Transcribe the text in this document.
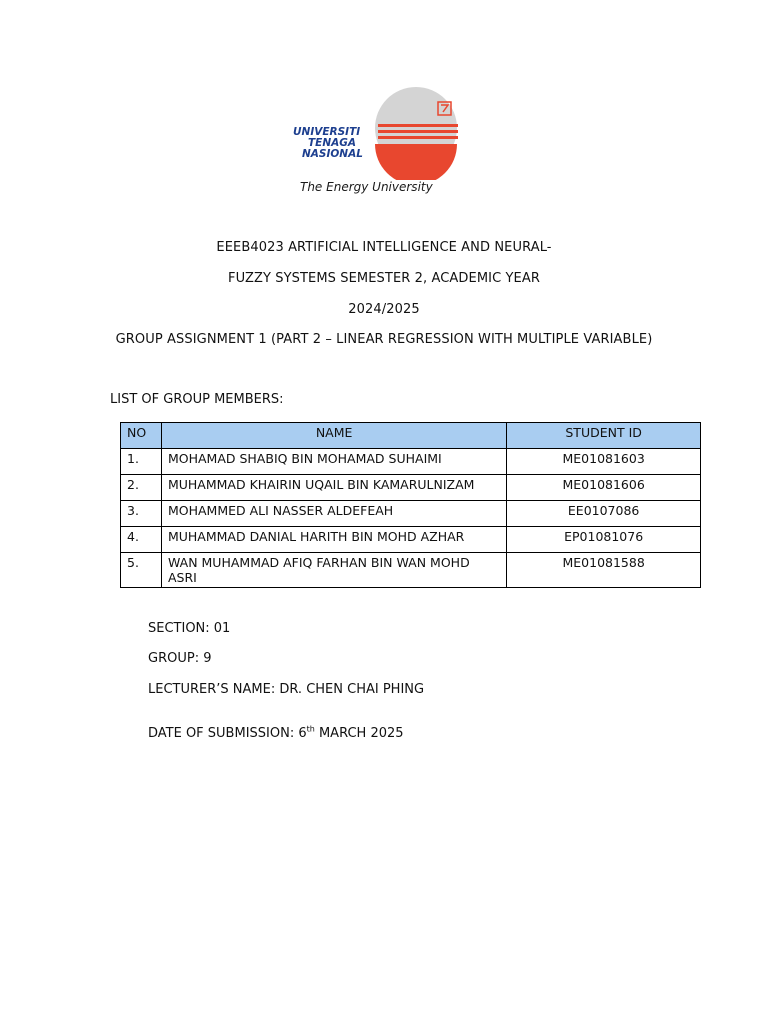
UNIVERSITI
TENAGA
NASIONAL
The Energy University
EEEB4023 ARTIFICIAL INTELLIGENCE AND NEURAL-
FUZZY SYSTEMS SEMESTER 2, ACADEMIC YEAR
2024/2025
GROUP ASSIGNMENT 1 (PART 2 – LINEAR REGRESSION WITH MULTIPLE VARIABLE)
LIST OF GROUP MEMBERS:
NO	NAME	STUDENT ID
1.	MOHAMAD SHABIQ BIN MOHAMAD SUHAIMI	ME01081603
2.	MUHAMMAD KHAIRIN UQAIL BIN KAMARULNIZAM	ME01081606
3.	MOHAMMED ALI NASSER ALDEFEAH	EE0107086
4.	MUHAMMAD DANIAL HARITH BIN MOHD AZHAR	EP01081076
5.	WAN MUHAMMAD AFIQ FARHAN BIN WAN MOHD ASRI	ME01081588
SECTION: 01
GROUP: 9
LECTURER’S NAME: DR. CHEN CHAI PHING
DATE OF SUBMISSION: 6th MARCH 2025
